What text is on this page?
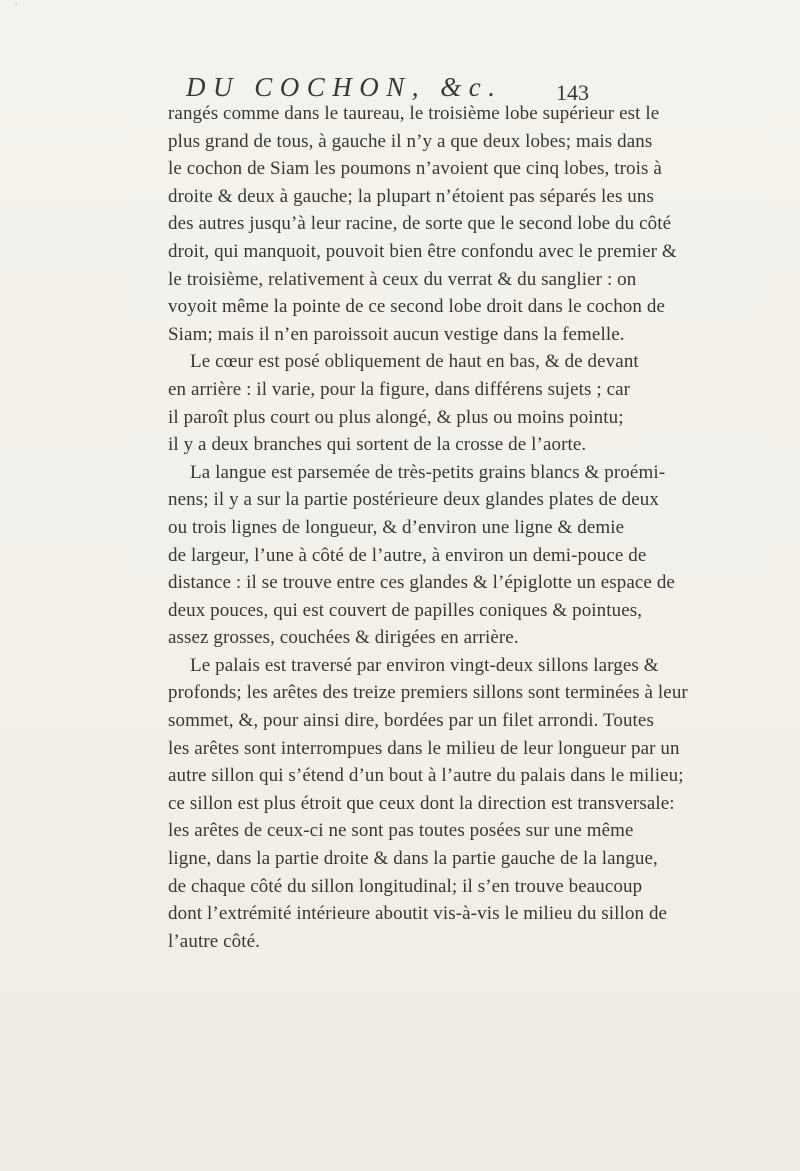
`
DU COCHON, &c. 143
rangés comme dans le taureau, le troisième lobe supérieur est le
plus grand de tous, à gauche il n’y a que deux lobes; mais dans
le cochon de Siam les poumons n’avoient que cinq lobes, trois à
droite & deux à gauche; la plupart n’étoient pas séparés les uns
des autres jusqu’à leur racine, de sorte que le second lobe du côté
droit, qui manquoit, pouvoit bien être confondu avec le premier &
le troisième, relativement à ceux du verrat & du sanglier : on
voyoit même la pointe de ce second lobe droit dans le cochon de
Siam; mais il n’en paroissoit aucun vestige dans la femelle.
Le cœur est posé obliquement de haut en bas, & de devant
en arrière : il varie, pour la figure, dans différens sujets ; car
il paroît plus court ou plus alongé, & plus ou moins pointu;
il y a deux branches qui sortent de la crosse de l’aorte.
La langue est parsemée de très-petits grains blancs & proémi-
nens; il y a sur la partie postérieure deux glandes plates de deux
ou trois lignes de longueur, & d’environ une ligne & demie
de largeur, l’une à côté de l’autre, à environ un demi-pouce de
distance : il se trouve entre ces glandes & l’épiglotte un espace de
deux pouces, qui est couvert de papilles coniques & pointues,
assez grosses, couchées & dirigées en arrière.
Le palais est traversé par environ vingt-deux sillons larges &
profonds; les arêtes des treize premiers sillons sont terminées à leur
sommet, &, pour ainsi dire, bordées par un filet arrondi. Toutes
les arêtes sont interrompues dans le milieu de leur longueur par un
autre sillon qui s’étend d’un bout à l’autre du palais dans le milieu;
ce sillon est plus étroit que ceux dont la direction est transversale:
les arêtes de ceux-ci ne sont pas toutes posées sur une même
ligne, dans la partie droite & dans la partie gauche de la langue,
de chaque côté du sillon longitudinal; il s’en trouve beaucoup
dont l’extrémité intérieure aboutit vis-à-vis le milieu du sillon de
l’autre côté.
